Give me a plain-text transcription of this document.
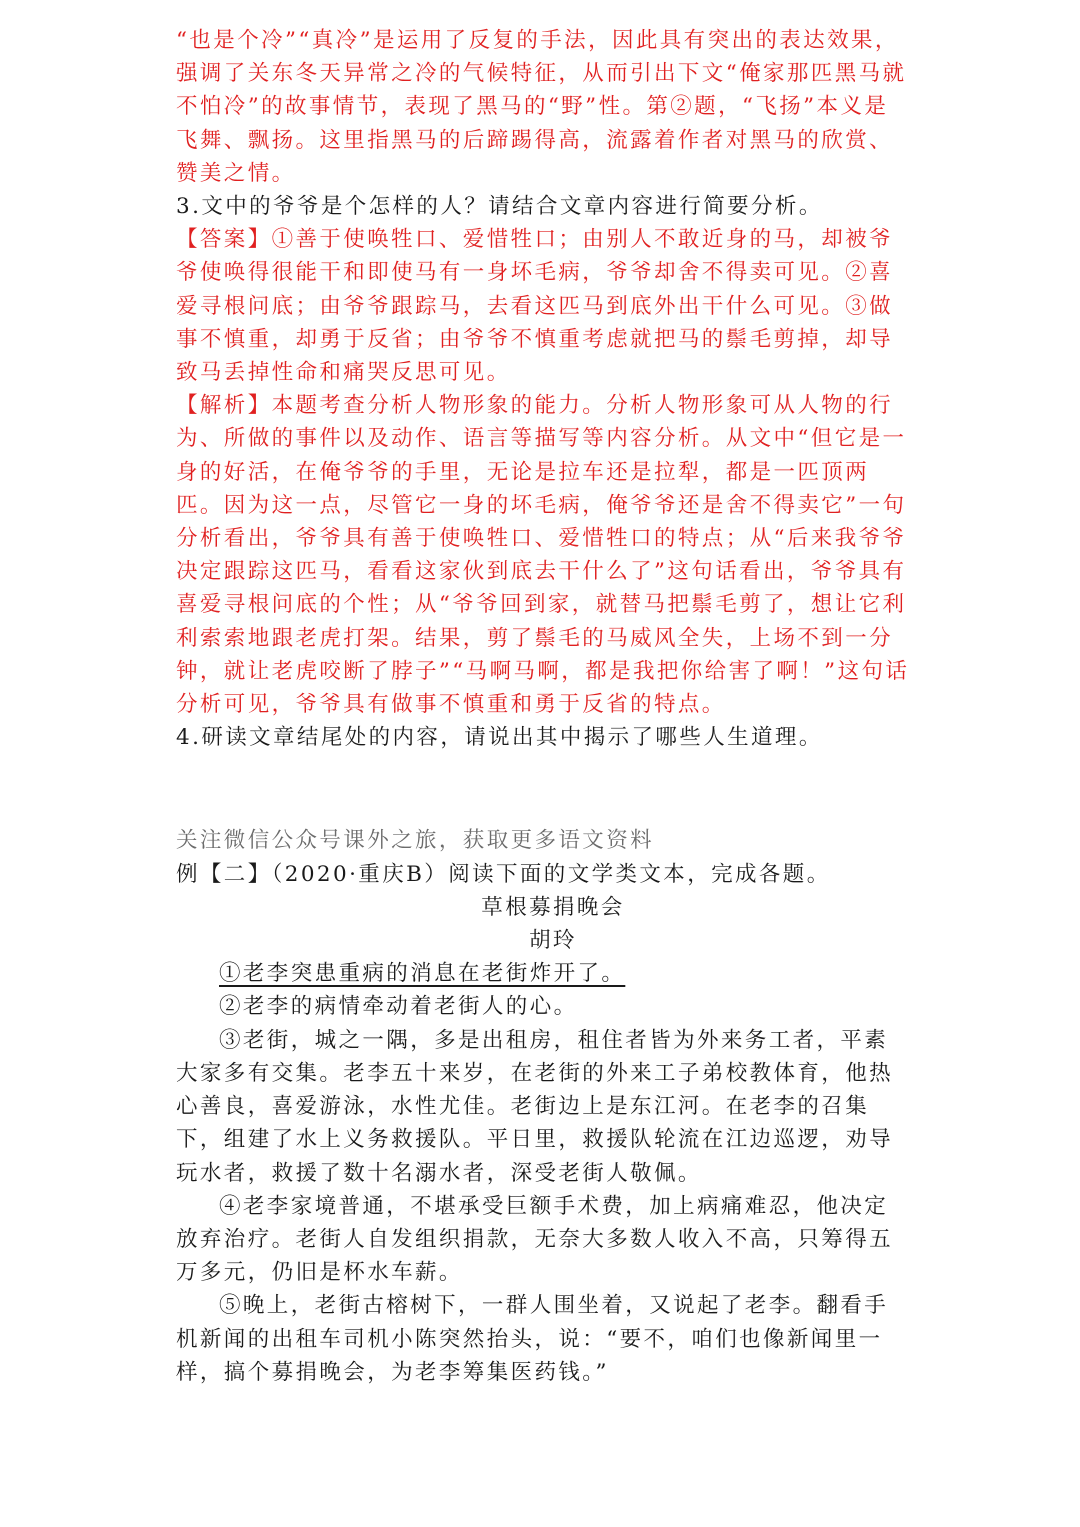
“也是个冷”“真冷”是运用了反复的手法，因此具有突出的表达效果，强调了关东冬天异常之冷的气候特征，从而引出下文“俺家那匹黑马就不怕冷”的故事情节，表现了黑马的“野”性。第②题，“飞扬”本义是飞舞、飘扬。这里指黑马的后蹄踢得高，流露着作者对黑马的欣赏、赞美之情。

3.文中的爷爷是个怎样的人？请结合文章内容进行简要分析。

【答案】①善于使唤牲口、爱惜牲口；由别人不敢近身的马，却被爷爷使唤得很能干和即使马有一身坏毛病，爷爷却舍不得卖可见。②喜爱寻根问底；由爷爷跟踪马，去看这匹马到底外出干什么可见。③做事不慎重，却勇于反省；由爷爷不慎重考虑就把马的鬃毛剪掉，却导致马丢掉性命和痛哭反思可见。

【解析】本题考查分析人物形象的能力。分析人物形象可从人物的行为、所做的事件以及动作、语言等描写等内容分析。从文中“但它是一身的好活，在俺爷爷的手里，无论是拉车还是拉犁，都是一匹顶两匹。因为这一点，尽管它一身的坏毛病，俺爷爷还是舍不得卖它”一句分析看出，爷爷具有善于使唤牲口、爱惜牲口的特点；从“后来我爷爷决定跟踪这匹马，看看这家伙到底去干什么了”这句话看出，爷爷具有喜爱寻根问底的个性；从“爷爷回到家，就替马把鬃毛剪了，想让它利利索索地跟老虎打架。结果，剪了鬃毛的马威风全失，上场不到一分钟，就让老虎咬断了脖子”“马啊马啊，都是我把你给害了啊！”这句话分析可见，爷爷具有做事不慎重和勇于反省的特点。

4.研读文章结尾处的内容，请说出其中揭示了哪些人生道理。

关注微信公众号课外之旅，获取更多语文资料

例【二】（2020·重庆B）阅读下面的文学类文本，完成各题。

草根募捐晚会

胡玲

①老李突患重病的消息在老街炸开了。

②老李的病情牵动着老街人的心。

③老街，城之一隅，多是出租房，租住者皆为外来务工者，平素大家多有交集。老李五十来岁，在老街的外来工子弟校教体育，他热心善良，喜爱游泳，水性尤佳。老街边上是东江河。在老李的召集下，组建了水上义务救援队。平日里，救援队轮流在江边巡逻，劝导玩水者，救援了数十名溺水者，深受老街人敬佩。

④老李家境普通，不堪承受巨额手术费，加上病痛难忍，他决定放弃治疗。老街人自发组织捐款，无奈大多数人收入不高，只筹得五万多元，仍旧是杯水车薪。

⑤晚上，老街古榕树下，一群人围坐着，又说起了老李。翻看手机新闻的出租车司机小陈突然抬头，说：“要不，咱们也像新闻里一样，搞个募捐晚会，为老李筹集医药钱。”
